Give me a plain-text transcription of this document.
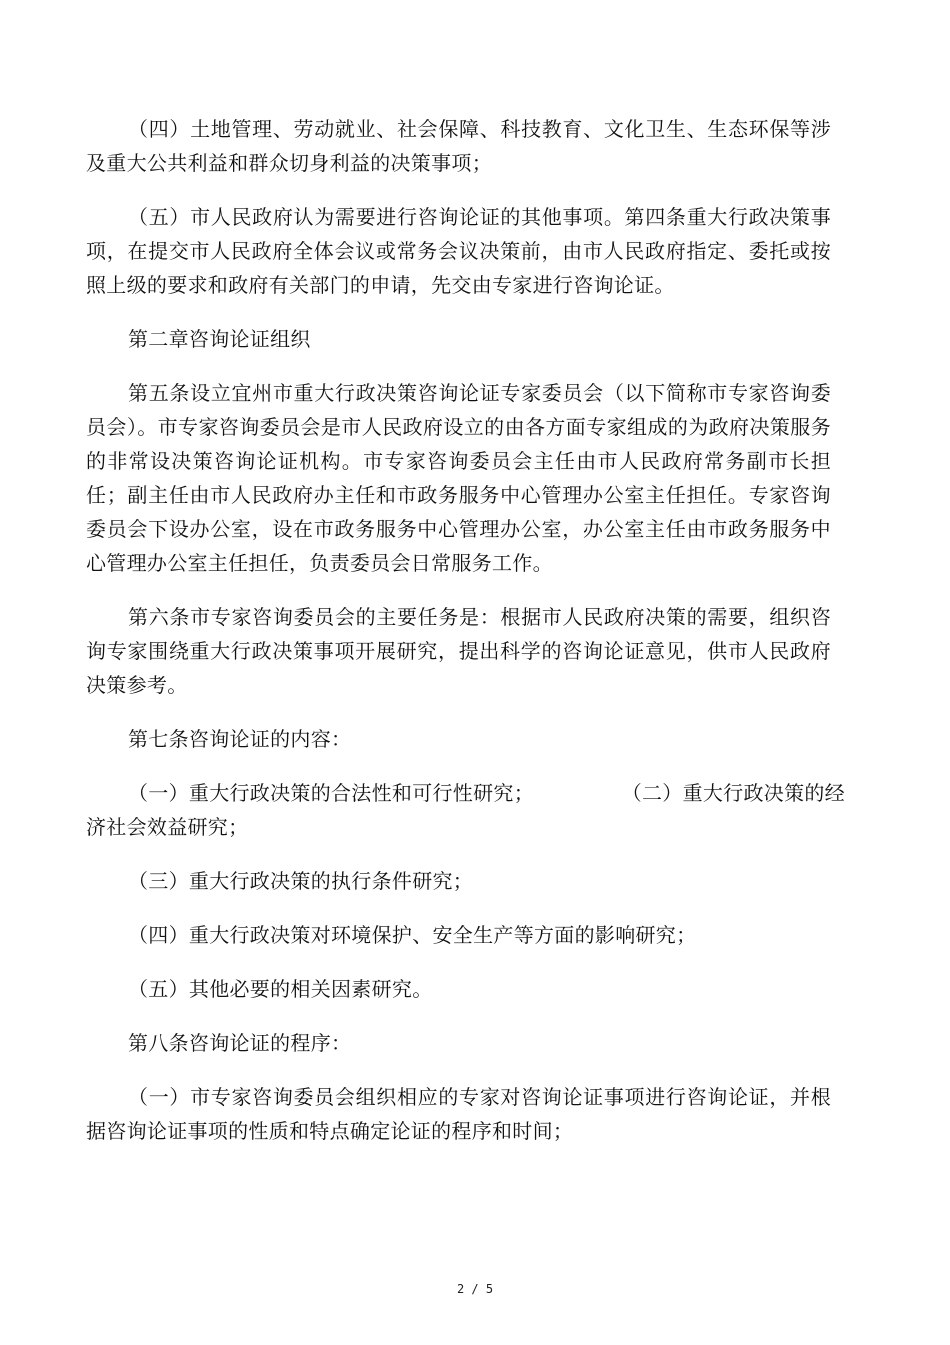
（四）土地管理、劳动就业、社会保障、科技教育、文化卫生、生态环保等涉及重大公共利益和群众切身利益的决策事项；

（五）市人民政府认为需要进行咨询论证的其他事项。第四条重大行政决策事项，在提交市人民政府全体会议或常务会议决策前，由市人民政府指定、委托或按照上级的要求和政府有关部门的申请，先交由专家进行咨询论证。

第二章咨询论证组织

第五条设立宜州市重大行政决策咨询论证专家委员会（以下简称市专家咨询委员会）。市专家咨询委员会是市人民政府设立的由各方面专家组成的为政府决策服务的非常设决策咨询论证机构。市专家咨询委员会主任由市人民政府常务副市长担任；副主任由市人民政府办主任和市政务服务中心管理办公室主任担任。专家咨询委员会下设办公室，设在市政务服务中心管理办公室，办公室主任由市政务服务中心管理办公室主任担任，负责委员会日常服务工作。

第六条市专家咨询委员会的主要任务是：根据市人民政府决策的需要，组织咨询专家围绕重大行政决策事项开展研究，提出科学的咨询论证意见，供市人民政府决策参考。

第七条咨询论证的内容：

（一）重大行政决策的合法性和可行性研究；	（二）重大行政决策的经

济社会效益研究；

（三）重大行政决策的执行条件研究；

（四）重大行政决策对环境保护、安全生产等方面的影响研究；

（五）其他必要的相关因素研究。

第八条咨询论证的程序：

（一）市专家咨询委员会组织相应的专家对咨询论证事项进行咨询论证，并根据咨询论证事项的性质和特点确定论证的程序和时间；

2 / 5
